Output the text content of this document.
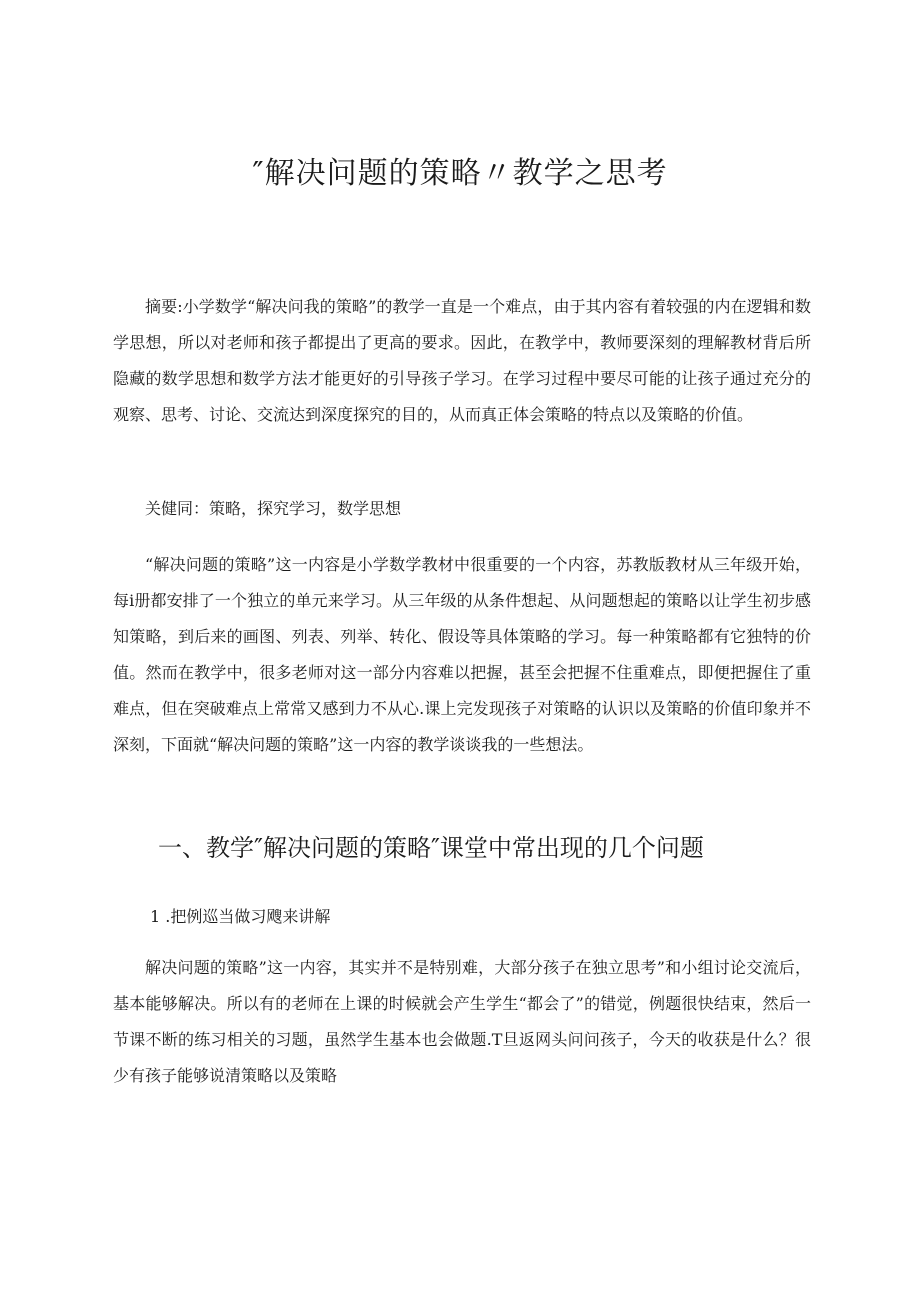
″解决问题的策略〃教学之思考

摘要:小学数学“解决问我的策略”的教学一直是一个难点，由于其内容有着较强的内在逻辑和数学思想，所以对老师和孩子都提出了更高的要求。因此，在教学中，教师要深刻的理解教材背后所隐藏的数学思想和数学方法才能更好的引导孩子学习。在学习过程中要尽可能的让孩子通过充分的观察、思考、讨论、交流达到深度探究的目的，从而真正体会策略的特点以及策略的价值。

关健同：策略，探究学习，数学思想

“解决问题的策略”这一内容是小学数学教材中很重要的一个内容，苏教版教材从三年级开始，每i册都安排了一个独立的单元来学习。从三年级的从条件想起、从问题想起的策略以让学生初步感知策略，到后来的画图、列表、列举、转化、假设等具体策略的学习。每一种策略都有它独特的价值。然而在教学中，很多老师对这一部分内容难以把握，甚至会把握不住重难点，即便把握住了重难点，但在突破难点上常常又感到力不从心.课上完发现孩子对策略的认识以及策略的价值印象并不深刻，下面就“解决问题的策略”这一内容的教学谈谈我的一些想法。

一、教学″解决问题的策略″课堂中常出现的几个问题

1 .把例巡当做习飕来讲解

解决问题的策略”这一内容，其实并不是特别难，大部分孩子在独立思考”和小组讨论交流后，基本能够解决。所以有的老师在上课的时候就会产生学生“都会了”的错觉，例题很快结束，然后一节课不断的练习相关的习题，虽然学生基本也会做题.T旦返网头问问孩子，今天的收获是什么？很少有孩子能够说清策略以及策略
